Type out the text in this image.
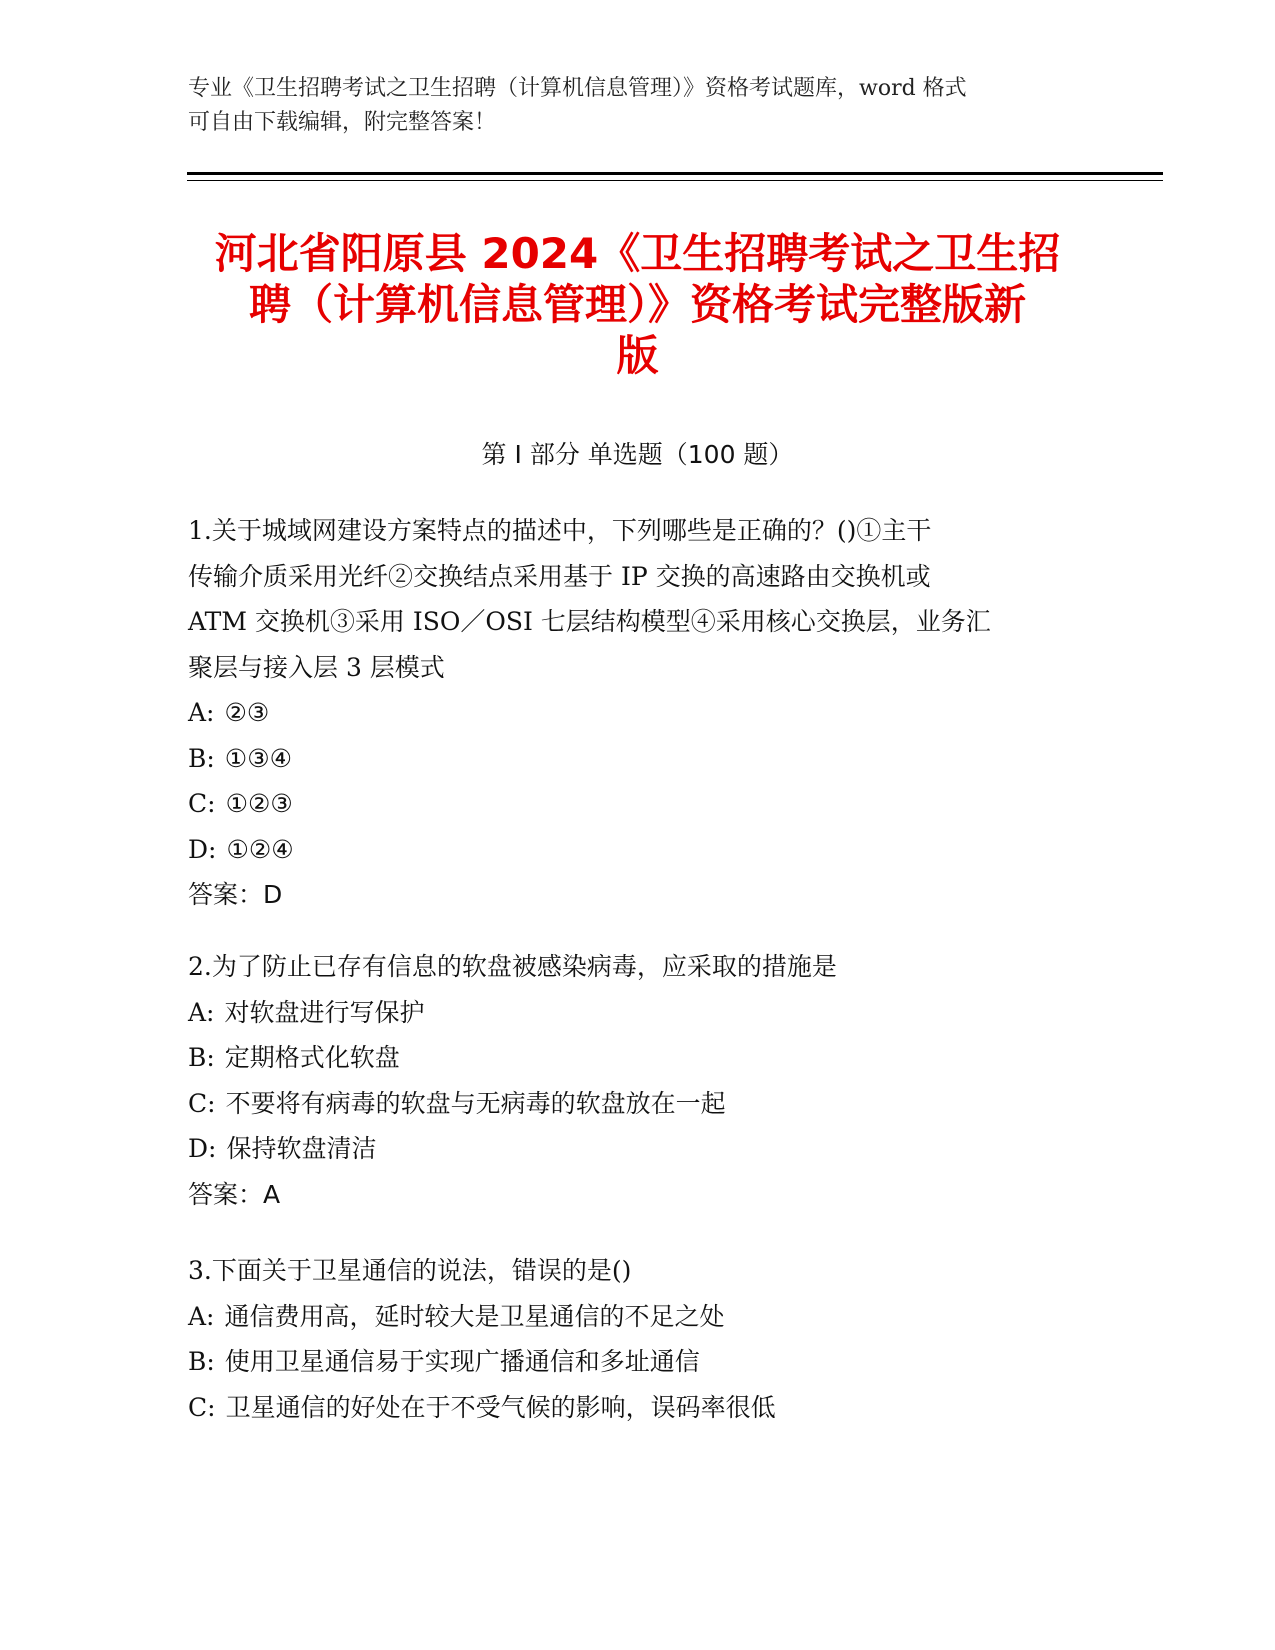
专业《卫生招聘考试之卫生招聘（计算机信息管理）》资格考试题库，word 格式
可自由下载编辑，附完整答案！
河北省阳原县 2024《卫生招聘考试之卫生招
聘（计算机信息管理）》资格考试完整版新
版
第 I 部分 单选题（100 题）
1.关于城域网建设方案特点的描述中，下列哪些是正确的？()①主干
传输介质采用光纤②交换结点采用基于 IP 交换的高速路由交换机或
ATM 交换机③采用 ISO／OSI 七层结构模型④采用核心交换层，业务汇
聚层与接入层 3 层模式
A: ②③
B: ①③④
C: ①②③
D: ①②④
答案：D
2.为了防止已存有信息的软盘被感染病毒，应采取的措施是
A: 对软盘进行写保护
B: 定期格式化软盘
C: 不要将有病毒的软盘与无病毒的软盘放在一起
D: 保持软盘清洁
答案：A
3.下面关于卫星通信的说法，错误的是()
A: 通信费用高，延时较大是卫星通信的不足之处
B: 使用卫星通信易于实现广播通信和多址通信
C: 卫星通信的好处在于不受气候的影响，误码率很低
